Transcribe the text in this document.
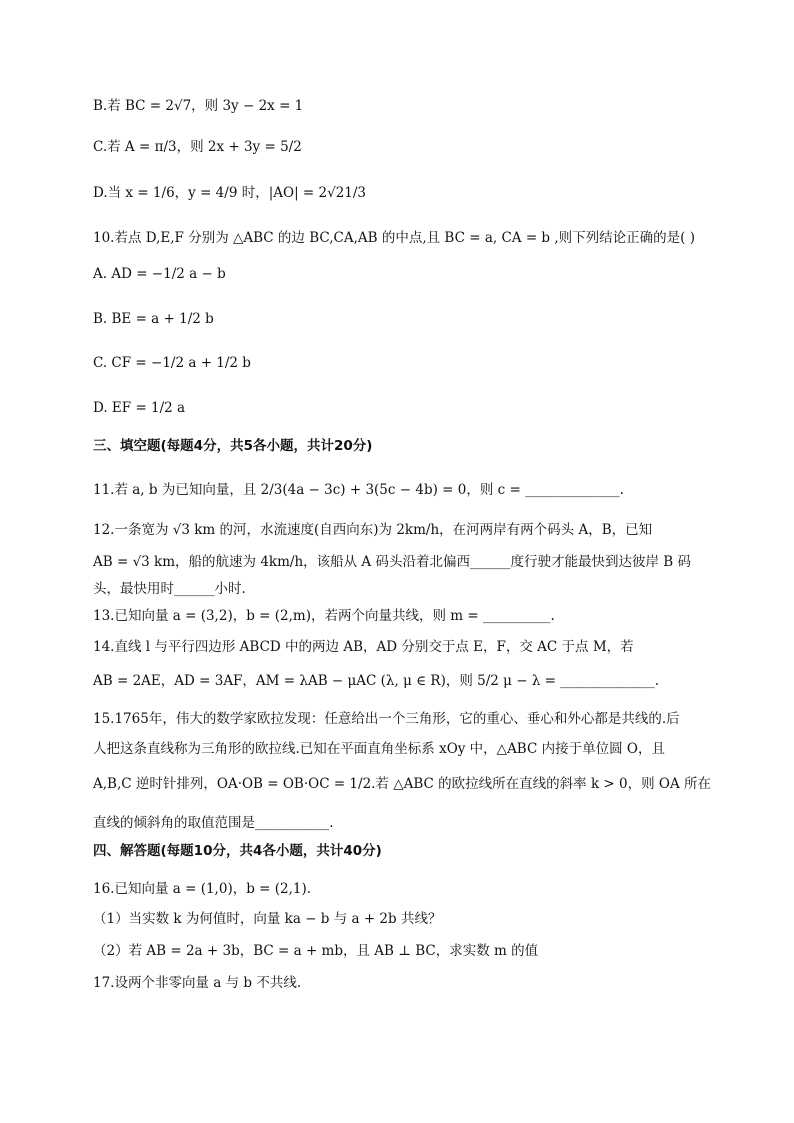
B.若 BC = 2√7，则 3y − 2x = 1
C.若 A = π/3，则 2x + 3y = 5/2
D.当 x = 1/6，y = 4/9 时，|AO| = 2√21/3
10.若点 D,E,F 分别为 △ABC 的边 BC,CA,AB 的中点,且 BC = a, CA = b ,则下列结论正确的是( )
A. AD = −1/2 a − b
B. BE = a + 1/2 b
C. CF = −1/2 a + 1/2 b
D. EF = 1/2 a
三、填空题(每题4分，共5各小题，共计20分)
11.若 a, b 为已知向量，且 2/3(4a − 3c) + 3(5c − 4b) = 0，则 c = ______________.
12.一条宽为 √3 km 的河，水流速度(自西向东)为 2km/h，在河两岸有两个码头 A，B，已知
AB = √3 km，船的航速为 4km/h，该船从 A 码头沿着北偏西______度行驶才能最快到达彼岸 B 码
头，最快用时______小时.
13.已知向量 a = (3,2)，b = (2,m)，若两个向量共线，则 m = __________.
14.直线 l 与平行四边形 ABCD 中的两边 AB，AD 分别交于点 E，F，交 AC 于点 M，若
AB = 2AE，AD = 3AF，AM = λAB − μAC (λ, μ ∈ R)，则 5/2 μ − λ = ______________.
15.1765年，伟大的数学家欧拉发现：任意给出一个三角形，它的重心、垂心和外心都是共线的.后
人把这条直线称为三角形的欧拉线.已知在平面直角坐标系 xOy 中，△ABC 内接于单位圆 O，且
A,B,C 逆时针排列，OA·OB = OB·OC = 1/2.若 △ABC 的欧拉线所在直线的斜率 k > 0，则 OA 所在
直线的倾斜角的取值范围是___________.
四、解答题(每题10分，共4各小题，共计40分)
16.已知向量 a = (1,0)，b = (2,1).
（1）当实数 k 为何值时，向量 ka − b 与 a + 2b 共线？
（2）若 AB = 2a + 3b，BC = a + mb，且 AB ⊥ BC，求实数 m 的值
17.设两个非零向量 a 与 b 不共线.
